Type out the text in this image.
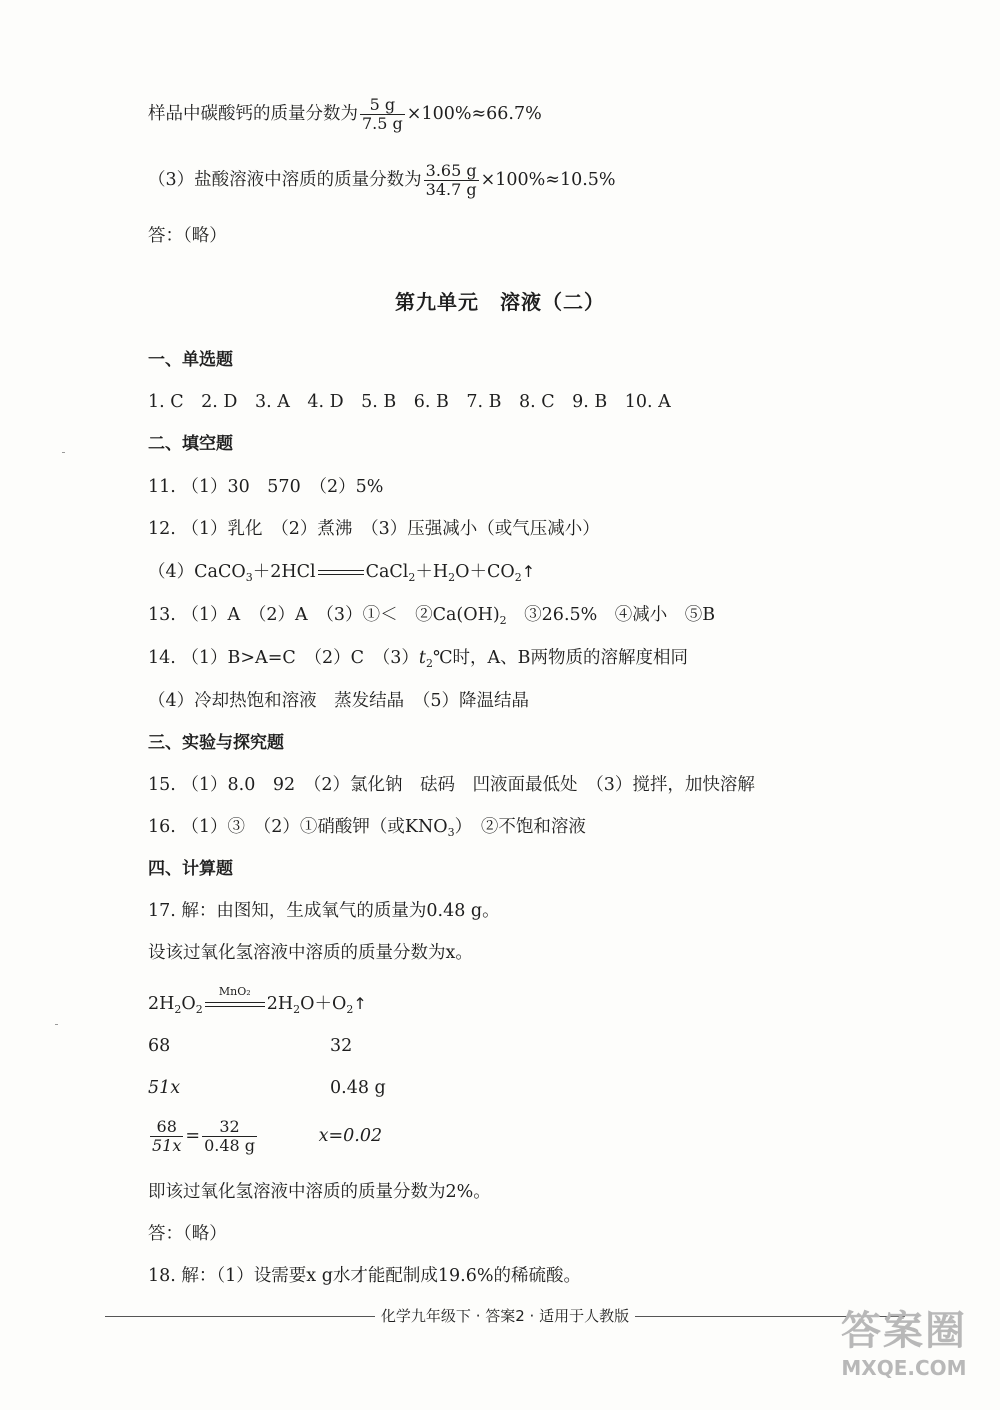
样品中碳酸钙的质量分数为 $\frac{5 g}{7.5 g} \times 100\%\approx 66.7\%$
（3）盐酸溶液中溶质的质量分数为 $\frac{3.65 g}{34.7 g} \times 100\%\approx 10.5\%$
答：（略）
第九单元　溶液（二）
一、单选题
1. C　2. D　3. A　4. D　5. B　6. B　7. B　8. C　9. B　10. A
二、填空题
11. （1）30　570　（2）5%
12. （1）乳化　（2）煮沸　（3）压强减小（或气压减小）
（4）CaCO$_3$＋2HCl	$CaCl_2+H_2O+CO_2↑$
13. （1）A　（2）A　（3）①＜　$②Ca(OH)_2$　③26.5%　④减小　⑤B
14. （1）B>A=C　（2）C　$(3)t_2℃$时，A、B两物质的溶解度相同
（4）冷却热饱和溶液　蒸发结晶　（5）降温结晶
三、实验与探究题
15. （1）8.0　92　（2）氯化钠　砝码　凹液面最低处　（3）搅拌，加快溶解
16. （1）③　（2）①硝酸钾（或$KNO_3$）　②不饱和溶液
四、计算题
17. 解：由图知，生成氧气的质量为0.48 g。
设该过氧化氢溶液中溶质的质量分数为x。
$2H_2O_2$
MnO₂
$2H_2O+O_2↑$
68	32
51x	0.48 g
$\frac{68}{51x} = \frac{32}{0.48 g}$	x=0.02
即该过氧化氢溶液中溶质的质量分数为2%。
答：（略）
18. 解：（1）设需要x g水才能配制成19.6%的稀硫酸。
化学九年级下 · 答案2 · 适用于人教版	答案圈
MXQE.COM
